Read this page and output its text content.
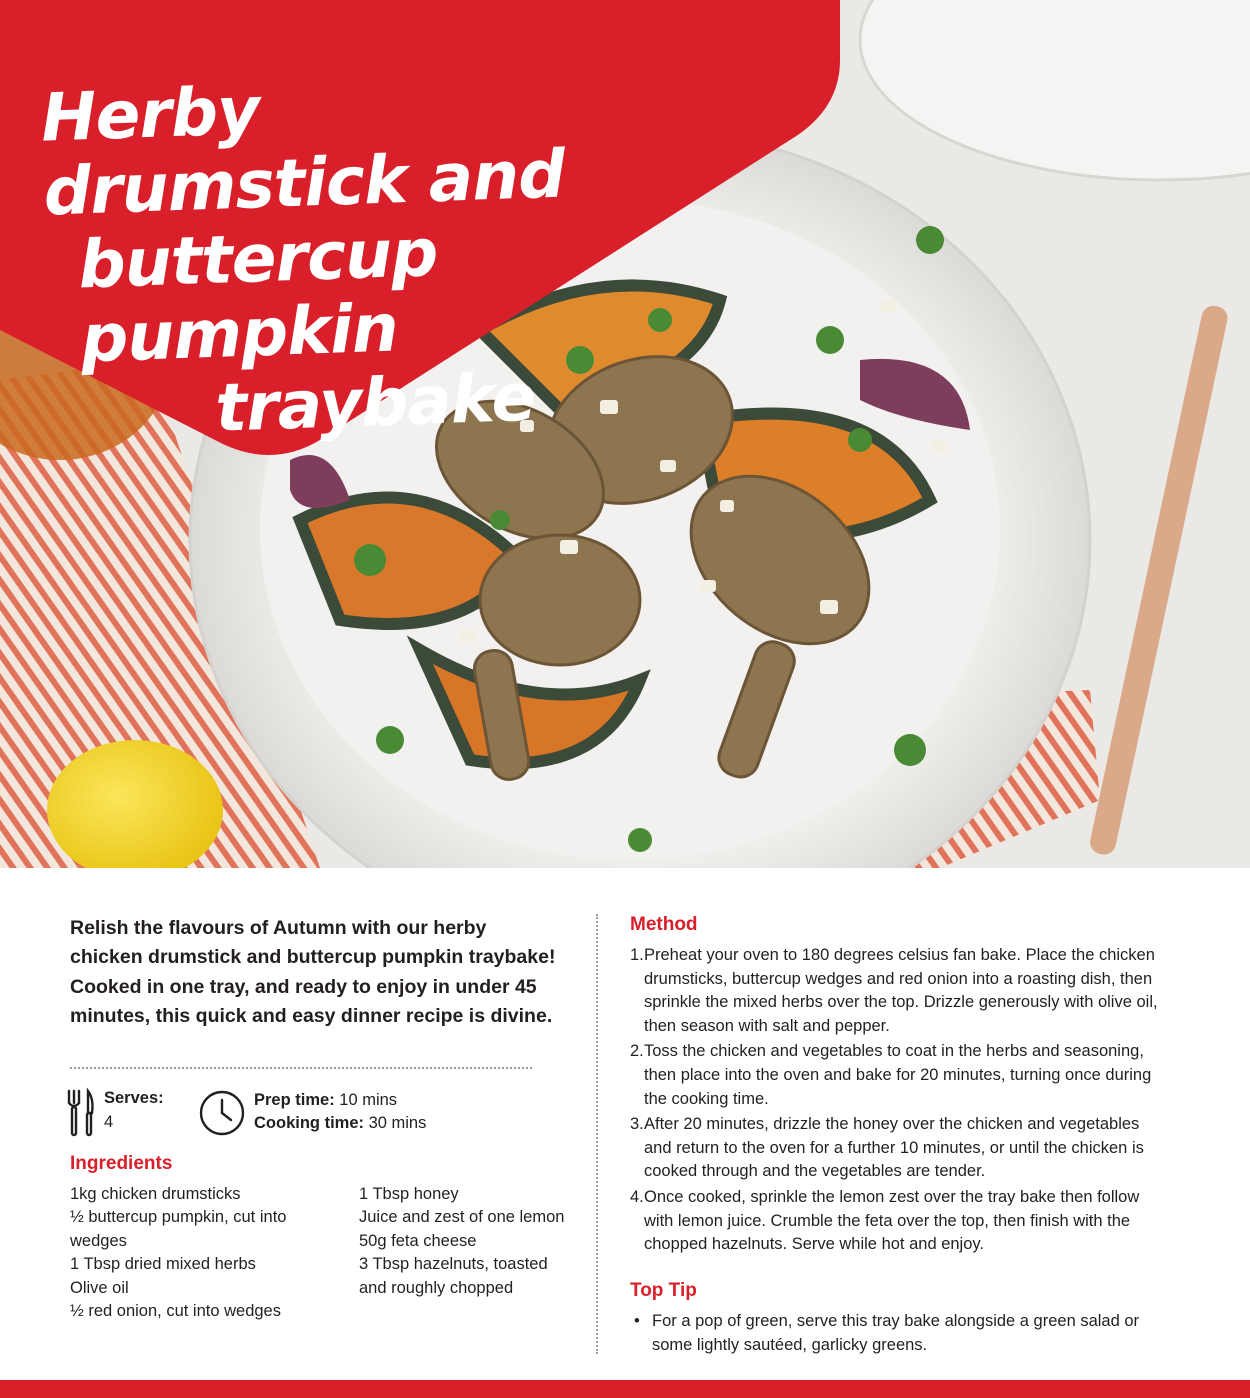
Herby drumstick and
buttercup pumpkin
traybake

Relish the flavours of Autumn with our herby chicken drumstick and buttercup pumpkin traybake! Cooked in one tray, and ready to enjoy in under 45 minutes, this quick and easy dinner recipe is divine.

Serves:
4
Prep time: 10 mins
Cooking time: 30 mins
Ingredients
1kg chicken drumsticks
½ buttercup pumpkin, cut into wedges
1 Tbsp dried mixed herbs
Olive oil
½ red onion, cut into wedges
1 Tbsp honey
Juice and zest of one lemon
50g feta cheese
3 Tbsp hazelnuts, toasted and roughly chopped
Method
1. Preheat your oven to 180 degrees celsius fan bake. Place the chicken drumsticks, buttercup wedges and red onion into a roasting dish, then sprinkle the mixed herbs over the top. Drizzle generously with olive oil, then season with salt and pepper.
2. Toss the chicken and vegetables to coat in the herbs and seasoning, then place into the oven and bake for 20 minutes, turning once during the cooking time.
3. After 20 minutes, drizzle the honey over the chicken and vegetables and return to the oven for a further 10 minutes, or until the chicken is cooked through and the vegetables are tender.
4. Once cooked, sprinkle the lemon zest over the tray bake then follow with lemon juice. Crumble the feta over the top, then finish with the chopped hazelnuts. Serve while hot and enjoy.
Top Tip
• For a pop of green, serve this tray bake alongside a green salad or some lightly sautéed, garlicky greens.
